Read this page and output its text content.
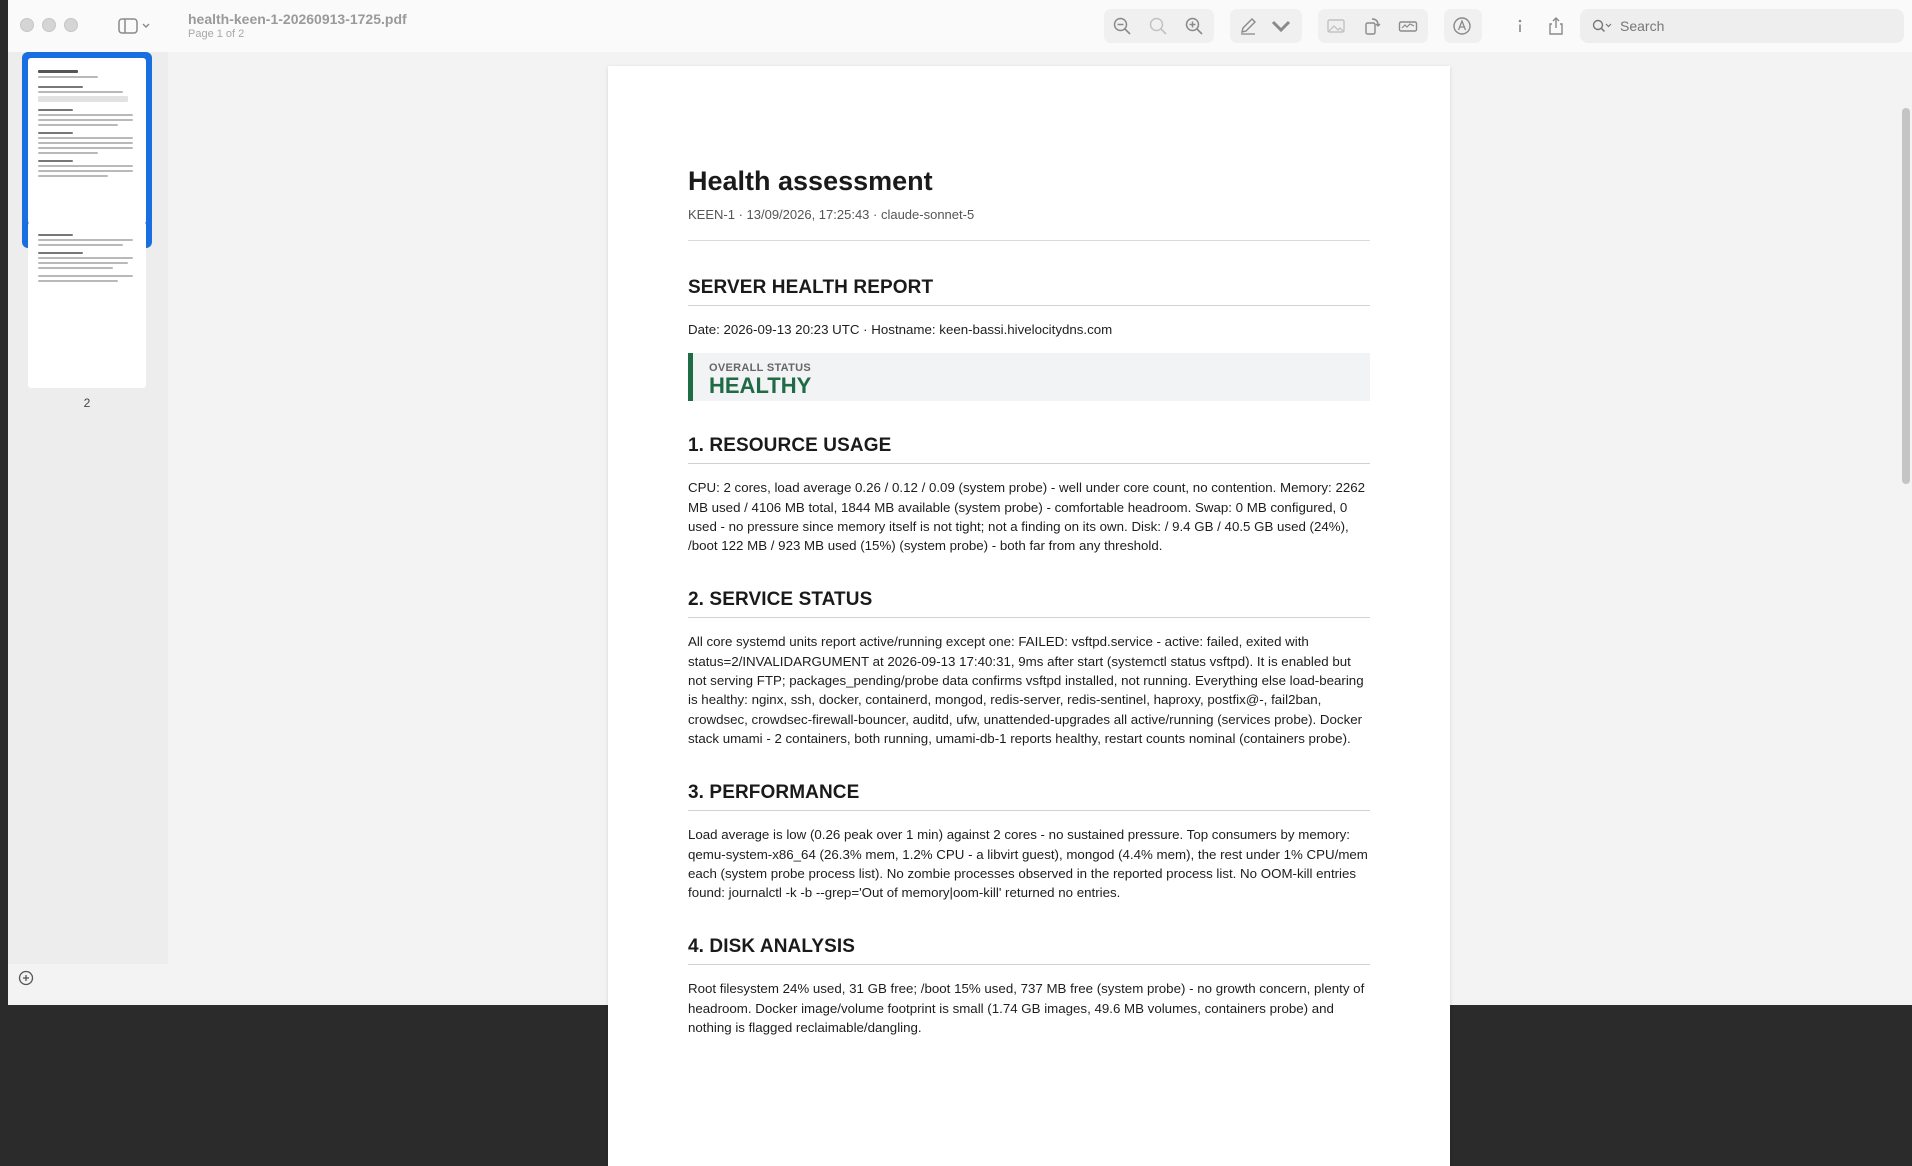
health-keen-1-20260913-1725.pdf
Page 1 of 2
Search
2
Health assessment
KEEN-1 · 13/09/2026, 17:25:43 · claude-sonnet-5
SERVER HEALTH REPORT
Date: 2026-09-13 20:23 UTC · Hostname: keen-bassi.hivelocitydns.com
OVERALL STATUS
HEALTHY
1. RESOURCE USAGE
CPU: 2 cores, load average 0.26 / 0.12 / 0.09 (system probe) - well under core count, no contention. Memory: 2262 MB used / 4106 MB total, 1844 MB available (system probe) - comfortable headroom. Swap: 0 MB configured, 0 used - no pressure since memory itself is not tight; not a finding on its own. Disk: / 9.4 GB / 40.5 GB used (24%), /boot 122 MB / 923 MB used (15%) (system probe) - both far from any threshold.
2. SERVICE STATUS
All core systemd units report active/running except one: FAILED: vsftpd.service - active: failed, exited with status=2/INVALIDARGUMENT at 2026-09-13 17:40:31, 9ms after start (systemctl status vsftpd). It is enabled but not serving FTP; packages_pending/probe data confirms vsftpd installed, not running. Everything else load-bearing is healthy: nginx, ssh, docker, containerd, mongod, redis-server, redis-sentinel, haproxy, postfix@-, fail2ban, crowdsec, crowdsec-firewall-bouncer, auditd, ufw, unattended-upgrades all active/running (services probe). Docker stack umami - 2 containers, both running, umami-db-1 reports healthy, restart counts nominal (containers probe).
3. PERFORMANCE
Load average is low (0.26 peak over 1 min) against 2 cores - no sustained pressure. Top consumers by memory: qemu-system-x86_64 (26.3% mem, 1.2% CPU - a libvirt guest), mongod (4.4% mem), the rest under 1% CPU/mem each (system probe process list). No zombie processes observed in the reported process list. No OOM-kill entries found: journalctl -k -b --grep='Out of memory|oom-kill' returned no entries.
4. DISK ANALYSIS
Root filesystem 24% used, 31 GB free; /boot 15% used, 737 MB free (system probe) - no growth concern, plenty of headroom. Docker image/volume footprint is small (1.74 GB images, 49.6 MB volumes, containers probe) and nothing is flagged reclaimable/dangling.
